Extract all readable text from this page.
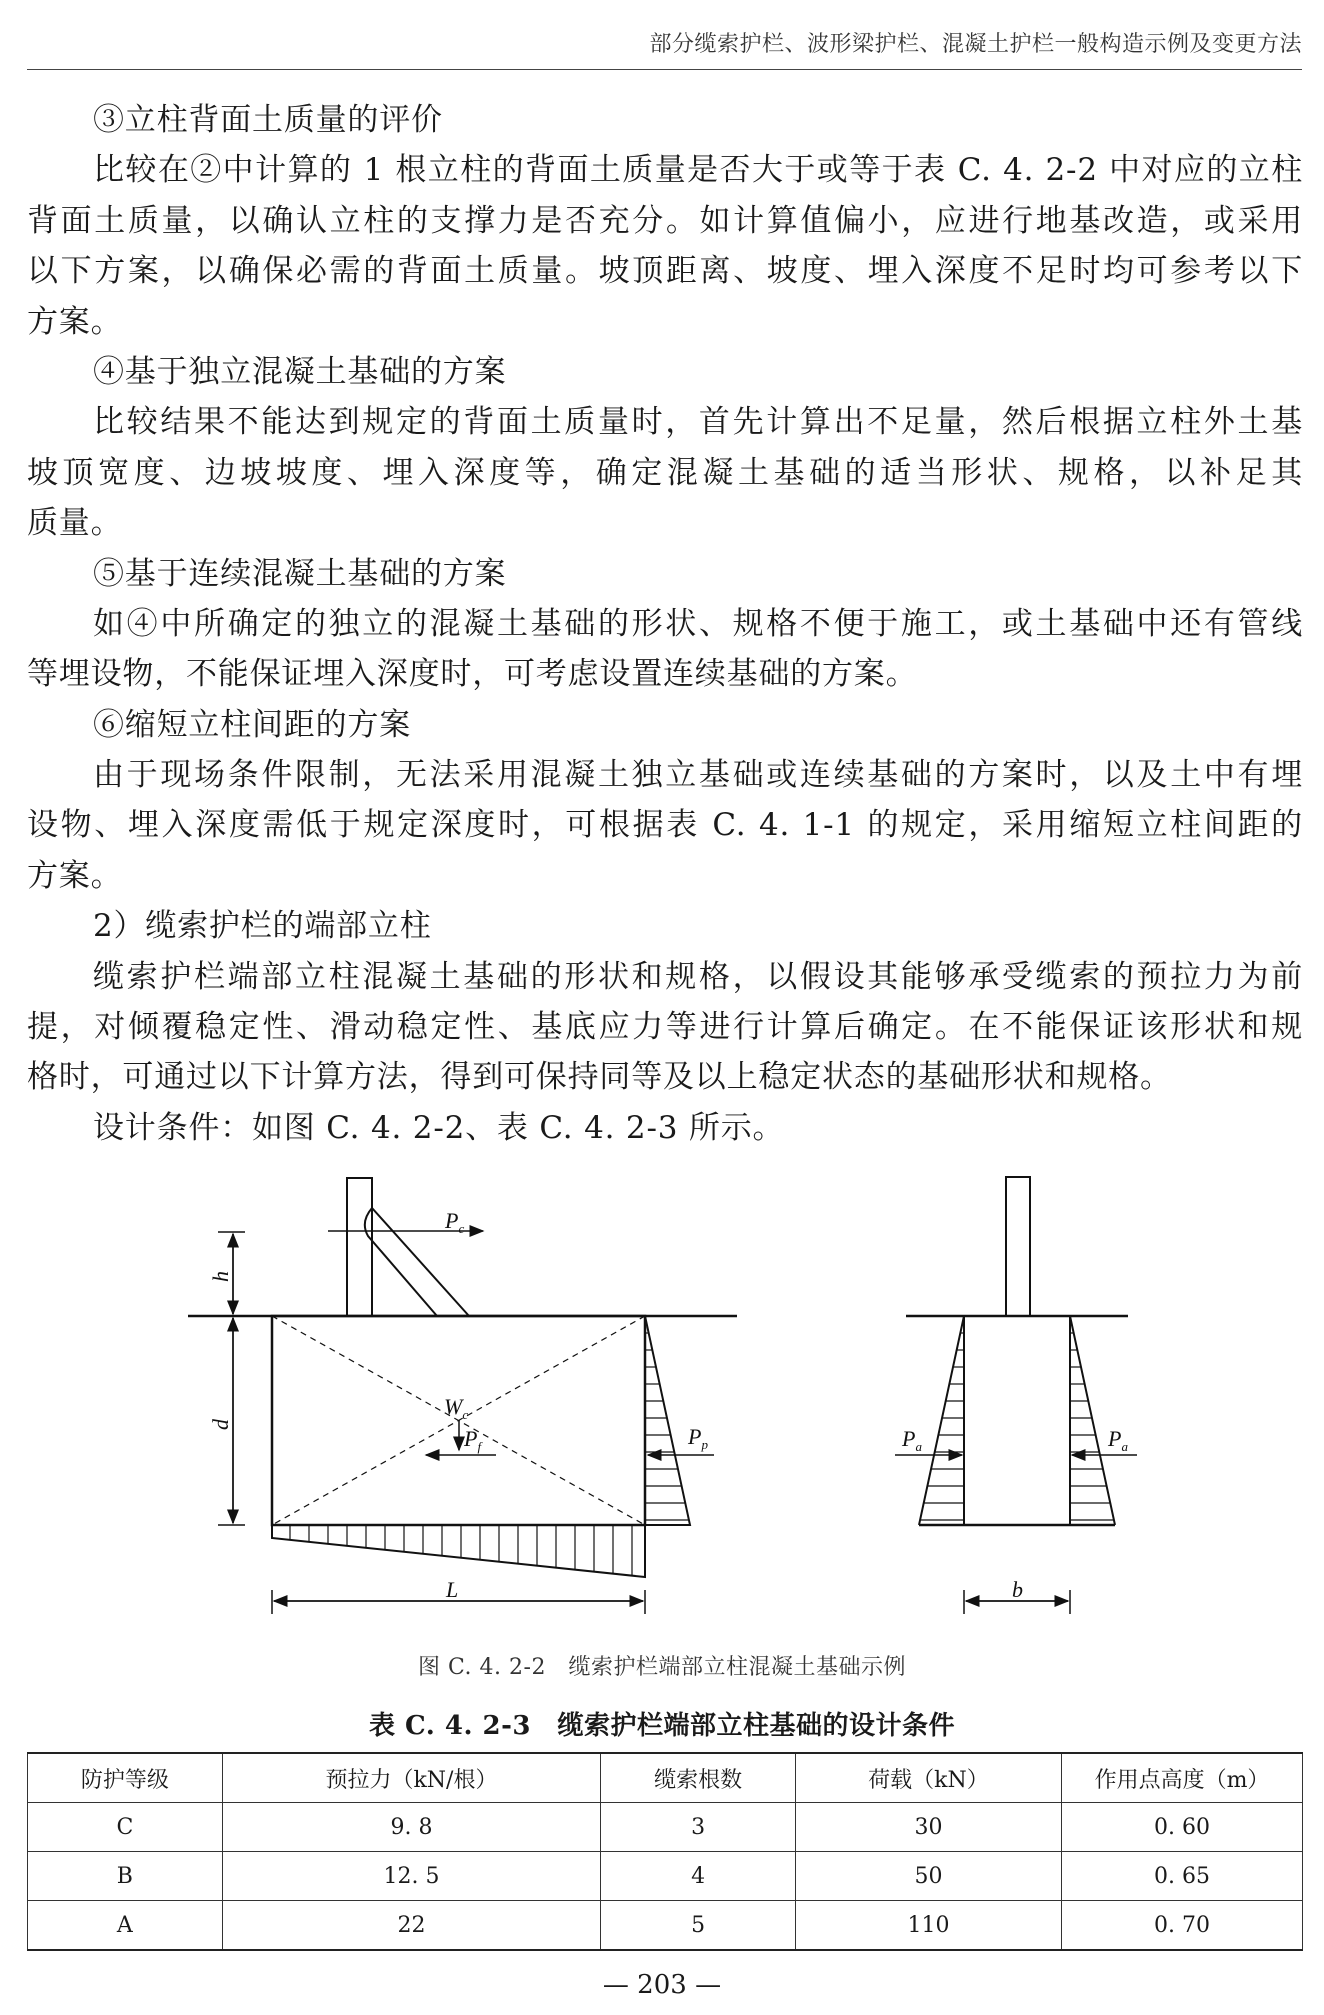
部分缆索护栏、波形梁护栏、混凝土护栏一般构造示例及变更方法
③立柱背面土质量的评价
比较在②中计算的 1 根立柱的背面土质量是否大于或等于表 C. 4. 2-2 中对应的立柱
背面土质量，以确认立柱的支撑力是否充分。如计算值偏小，应进行地基改造，或采用
以下方案，以确保必需的背面土质量。坡顶距离、坡度、埋入深度不足时均可参考以下
方案。
④基于独立混凝土基础的方案
比较结果不能达到规定的背面土质量时，首先计算出不足量，然后根据立柱外土基
坡顶宽度、边坡坡度、埋入深度等，确定混凝土基础的适当形状、规格，以补足其
质量。
⑤基于连续混凝土基础的方案
如④中所确定的独立的混凝土基础的形状、规格不便于施工，或土基础中还有管线
等埋设物，不能保证埋入深度时，可考虑设置连续基础的方案。
⑥缩短立柱间距的方案
由于现场条件限制，无法采用混凝土独立基础或连续基础的方案时，以及土中有埋
设物、埋入深度需低于规定深度时，可根据表 C. 4. 1-1 的规定，采用缩短立柱间距的
方案。
2）缆索护栏的端部立柱
缆索护栏端部立柱混凝土基础的形状和规格，以假设其能够承受缆索的预拉力为前
提，对倾覆稳定性、滑动稳定性、基底应力等进行计算后确定。在不能保证该形状和规
格时，可通过以下计算方法，得到可保持同等及以上稳定状态的基础形状和规格。
设计条件：如图 C. 4. 2-2、表 C. 4. 2-3 所示。
$P_c$
h
d
$W_c$
$P_f$	$P_p$
L
$P_a$	$P_a$
b
图 C. 4. 2-2　缆索护栏端部立柱混凝土基础示例
表 C. 4. 2-3　缆索护栏端部立柱基础的设计条件
防护等级	预拉力（kN/根）	缆索根数	荷载（kN）	作用点高度（m）
C	9. 8	3	30	0. 60
B	12. 5	4	50	0. 65
A	22	5	110	0. 70
— 203 —
